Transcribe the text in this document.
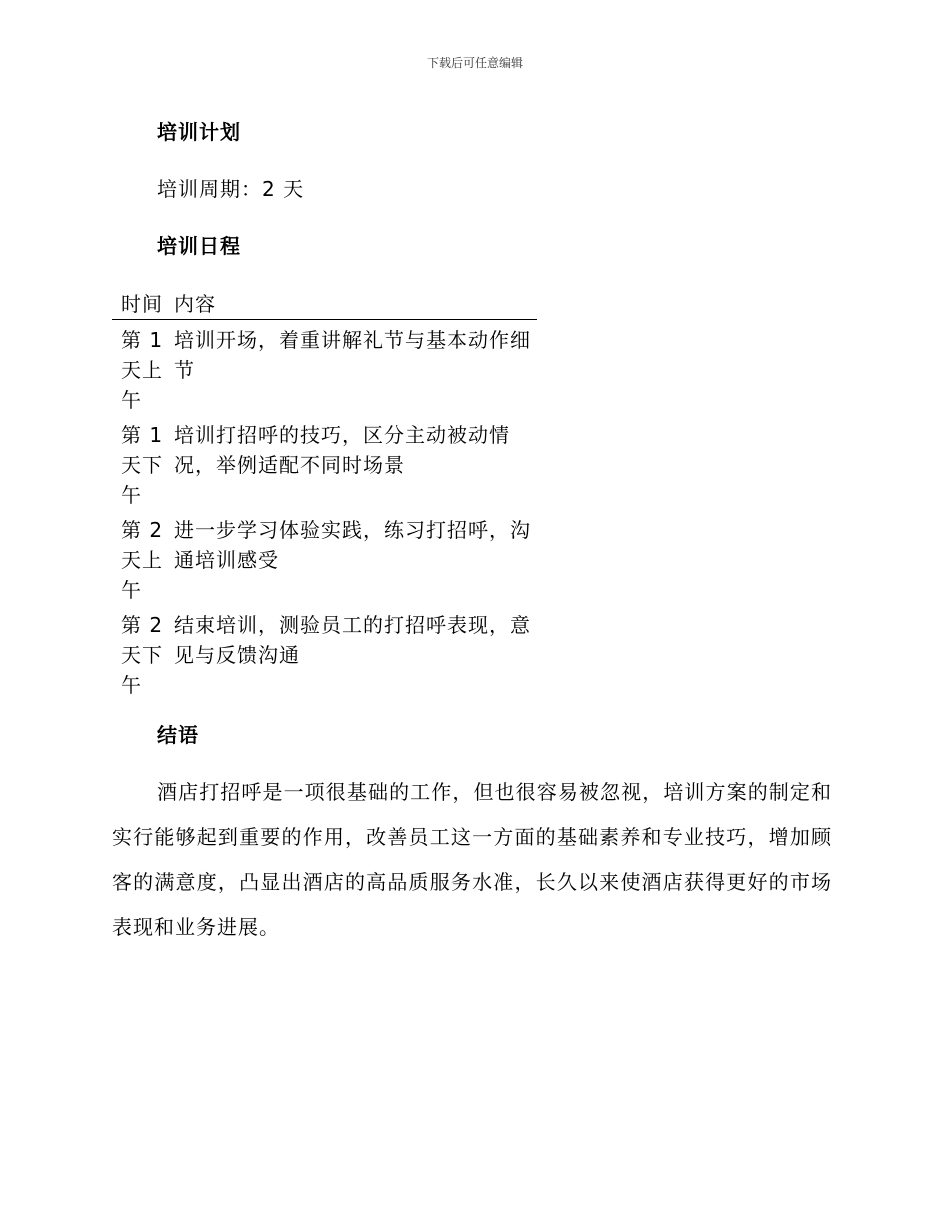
下载后可任意编辑
培训计划
培训周期：2 天
培训日程
时间	内容
第 1 天上午	培训开场，着重讲解礼节与基本动作细节
第 1 天下午	培训打招呼的技巧，区分主动被动情况，举例适配不同时场景
第 2 天上午	进一步学习体验实践，练习打招呼，沟通培训感受
第 2 天下午	结束培训，测验员工的打招呼表现，意见与反馈沟通
结语

酒店打招呼是一项很基础的工作，但也很容易被忽视，培训方案的制定和实行能够起到重要的作用，改善员工这一方面的基础素养和专业技巧，增加顾客的满意度，凸显出酒店的高品质服务水准，长久以来使酒店获得更好的市场表现和业务进展。
